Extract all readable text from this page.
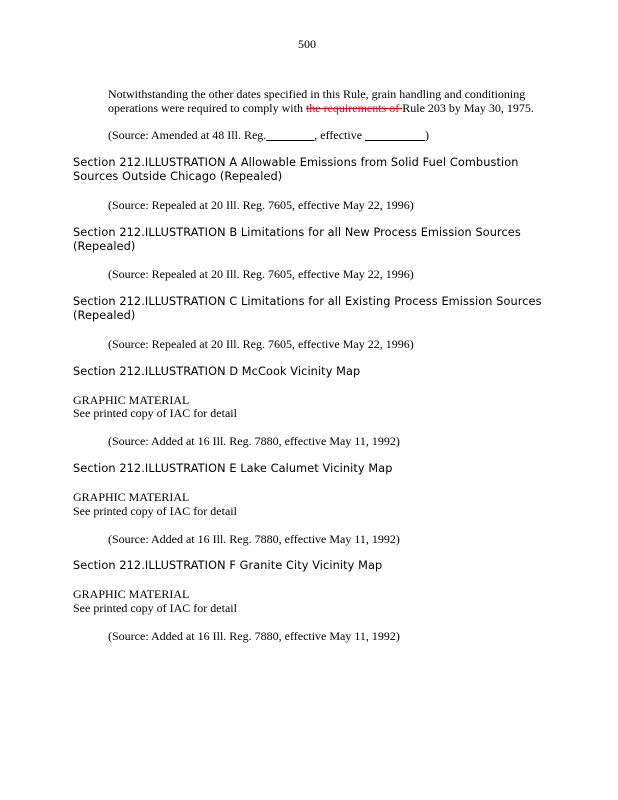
500
Notwithstanding the other dates specified in this Rule, grain handling and conditioning
operations were required to comply with the requirements of Rule 203 by May 30, 1975.
(Source: Amended at 48 Ill. Reg.________, effective __________)
Section 212.ILLUSTRATION A Allowable Emissions from Solid Fuel Combustion
Sources Outside Chicago (Repealed)
(Source: Repealed at 20 Ill. Reg. 7605, effective May 22, 1996)
Section 212.ILLUSTRATION B Limitations for all New Process Emission Sources
(Repealed)
(Source: Repealed at 20 Ill. Reg. 7605, effective May 22, 1996)
Section 212.ILLUSTRATION C Limitations for all Existing Process Emission Sources
(Repealed)
(Source: Repealed at 20 Ill. Reg. 7605, effective May 22, 1996)
Section 212.ILLUSTRATION D McCook Vicinity Map
GRAPHIC MATERIAL
See printed copy of IAC for detail
(Source: Added at 16 Ill. Reg. 7880, effective May 11, 1992)
Section 212.ILLUSTRATION E Lake Calumet Vicinity Map
GRAPHIC MATERIAL
See printed copy of IAC for detail
(Source: Added at 16 Ill. Reg. 7880, effective May 11, 1992)
Section 212.ILLUSTRATION F Granite City Vicinity Map
GRAPHIC MATERIAL
See printed copy of IAC for detail
(Source: Added at 16 Ill. Reg. 7880, effective May 11, 1992)
